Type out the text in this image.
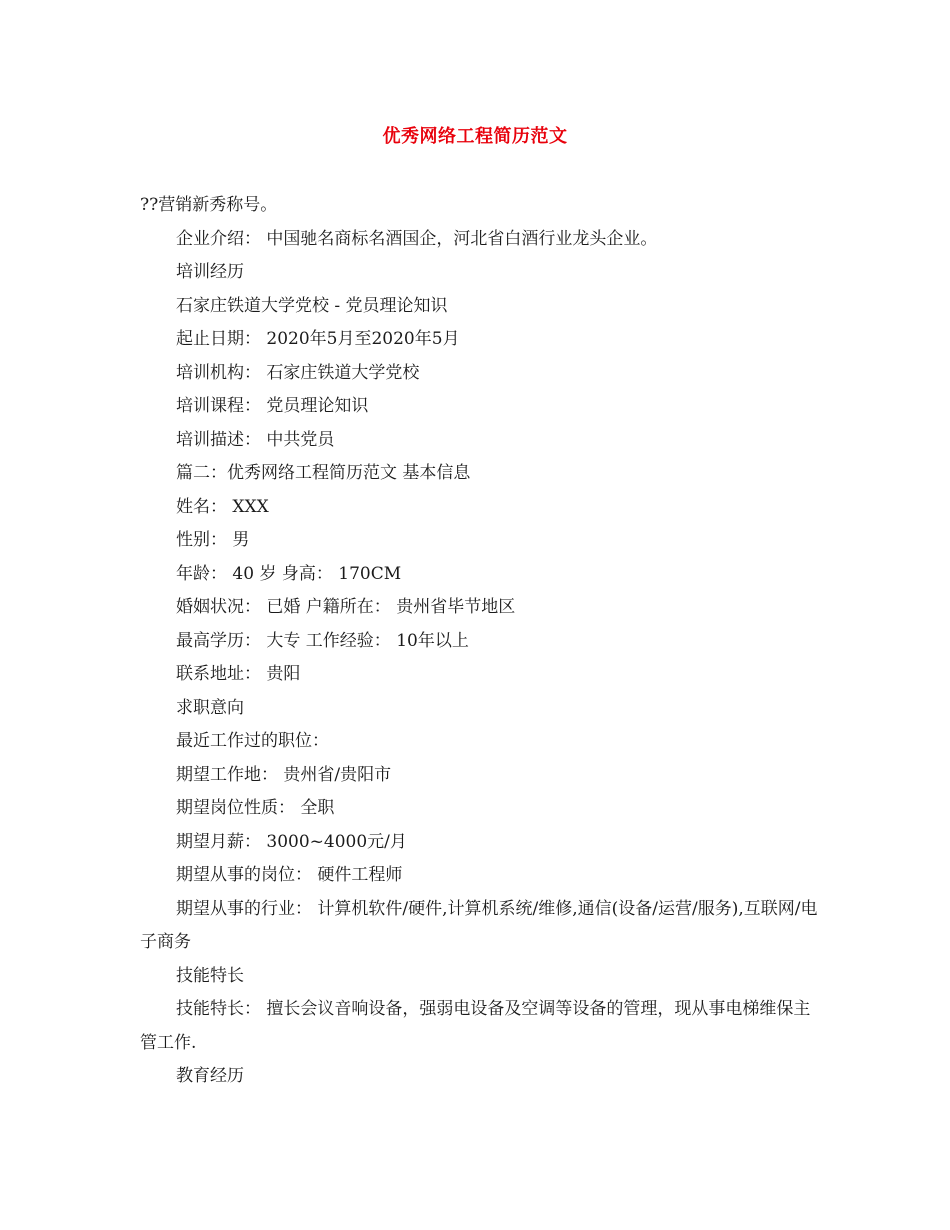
优秀网络工程简历范文

??营销新秀称号。

企业介绍： 中国驰名商标名酒国企，河北省白酒行业龙头企业。

培训经历

石家庄铁道大学党校 - 党员理论知识

起止日期： 2020年5月至2020年5月

培训机构： 石家庄铁道大学党校

培训课程： 党员理论知识

培训描述： 中共党员

篇二：优秀网络工程简历范文 基本信息

姓名： XXX

性别： 男

年龄： 40 岁 身高： 170CM

婚姻状况： 已婚 户籍所在： 贵州省毕节地区

最高学历： 大专 工作经验： 10年以上

联系地址： 贵阳

求职意向

最近工作过的职位：

期望工作地： 贵州省/贵阳市

期望岗位性质： 全职

期望月薪： 3000~4000元/月

期望从事的岗位： 硬件工程师

期望从事的行业： 计算机软件/硬件,计算机系统/维修,通信(设备/运营/服务),互联网/电子商务

技能特长

技能特长： 擅长会议音响设备，强弱电设备及空调等设备的管理，现从事电梯维保主管工作.

教育经历
